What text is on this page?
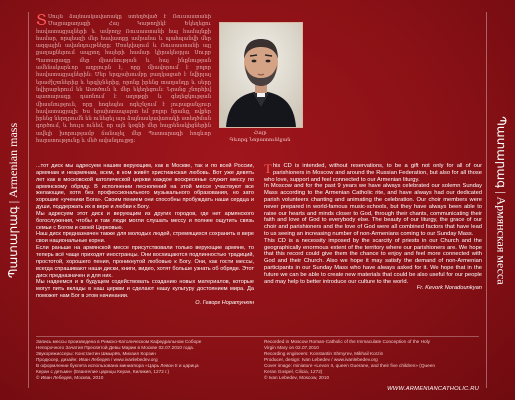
Պատարագ | Armenian mass	Պատարագ | Армянская месса
Տ Սույն ձայնասկավառակը ստեղծված է Ռուսաստանի Մայրաքաղաքի Հայ Կաթողիկէ Եկեղեցու հավատացյալների և ամբողջ Ռուսաստանի հայ համայնքի համար, որպեսզի մեր հավատքը ամրանա և պահպանվի մեր ազգային ավանդույթները։ Մոսկվայում և Ռուսաստանի այլ քաղաքներում ապրող հայերի համար կիրակնօրյա Սուրբ Պատարագը մեր միասնության և հայ ինքնության ամենակարևոր աղբյուրն է, որը միավորում է բոլոր հավատացյալներին։ Մեր երգչախումբը բաղկացած է նվիրյալ երաժիշտներից և երգիչներից, որոնք իրենց տաղանդը և սերը նվիրաբերում են Աստծուն և մեր եկեղեցուն։ Նրանց շնորհիվ պատարագը դառնում է աղոթքի և գեղեցկության միասնություն, որը հոգեպես ոգեշնչում է յուրաքանչյուր հավատացյալի։ Ես երախտապարտ եմ բոլոր նրանց, ովքեր իրենց ներդրումն են ունեցել այս ձայնասկավառակի ստեղծման գործում, և հույս ունեմ, որ այն կօգնի մեր հայրենակիցներին ավելի խորությամբ ճանաչել մեր Պատարագի հոգևոր հարստությունը և մեծ ավանդույթը։
Հայր
Գևորգ Նորատունկյան

...тот диск мы адресуем нашим верующим, как в Москве, так и по всей России, армянам и неармянам, всем, в ком живёт христианская любовь. Вот уже девять лет как в московской католической церкви каждое воскресенье служит мессу по армянскому обряду. В исполнении песнопений на этой мессе участвуют все желающие, хотя без профессионального музыкального образования, но зато хорошие «ученики Бога». Своим пением они способны пробуждать наши сердца и души, поддержать их в вере и любви к Богу.

Мы адресуем этот диск и верующим из других городов, где нет армянского богослужения, чтобы и там люди могли слушать мессу и полнее ощутить связь семьи с Богом и своей Церковью.

Наш диск предназначен также для молодых людей, стремящихся сохранить в вере свои национальные корни.

Если раньше на армянской мессе присутствовали только верующие армяне, то теперь всё чаще приходят иностранцы. Они восхищаются подлинностью традиций, простотой, хорошего пения, проникнутой любовью к Богу. Они, как гости мессы, всегда спрашивают наши диски, книги, видео, хотят больше узнать об обряде. Этот диск предназначен и для них.

Мы надеемся и в будущем содействовать созданию новых материалов, которые могут пить вклады в наш церкви и сделают нашу культуру достоянием мира. Да поможет нам Бог в этом начинании.

О. Геворг Норатункян

This CD is intended, without reservations, to be a gift not only for all of our parishioners in Moscow and around the Russian Federation, but also for all those who love, support and feel connected to our Armenian liturgy.

In Moscow and for the past 9 years we have always celebrated our solemn Sunday Mass according to the Armenian Catholic rite, and have always had our dedicated parish volunteers chanting and animating the celebration. Our choir members were never prepared in world-famous music-schools, but they have always been able to raise our hearts and minds closer to God, through their chants, communicating their faith and love of God to everybody else. The beauty of our liturgy, the grace of our choir and parishioners and the love of God were all combined factors that have lead to us seeing an increasing number of non-Armenians coming to our Sunday Mass.

This CD is a necessity imposed by the scarcity of priests in our Church and the geographically enormous extent of the territory where our parishioners are. We hope that this record could give them the chance to enjoy and feel more connected with God and their Church. Also we hope it may satisfy the demand of non-Armenian participants in our Sunday Mass who have always asked for it. We hope that in the future we can be able to create new materials that could be also useful for our people and may help to better introduce our culture to the world.

Fr. Kevork Noradounkyan

Запись мессы произведена в Римско-Католическом Кафедральном Соборе

Непорочного Зачатия Пресвятой Девы Марии в Москве 02.07.2010 года.

Звукорежиссеры: Константин Шмырёв, Михаил Корзин

Продюсер, дизайн: Иван Лебедев / www.ivanlebedev.org

В оформлении буклета использована миниатюра «Царь Левон II и царица

Керан с детьми» (Евангелие царицы Керан, Киликия, 1272 г.)

© Иван Лебедев, Москва, 2010

Recorded in Moscow Roman-Catholic of the Immaculate Conception of the Holy

Virgin Mary on 02.07.2010

Recording engineers: Konstantin Shmyrev, Mikhail Korzin

Producer, design: Ivan Lebedev / www.ivanlebedev.org

Cover image: miniature «Levon II, queen Guerane, and their five children» (Queen

Keran Gospel, Cilicia, 1272)

© Ivan Lebedev, Moscow, 2010

WWW.ARMENIANCATHOLIC.RU
